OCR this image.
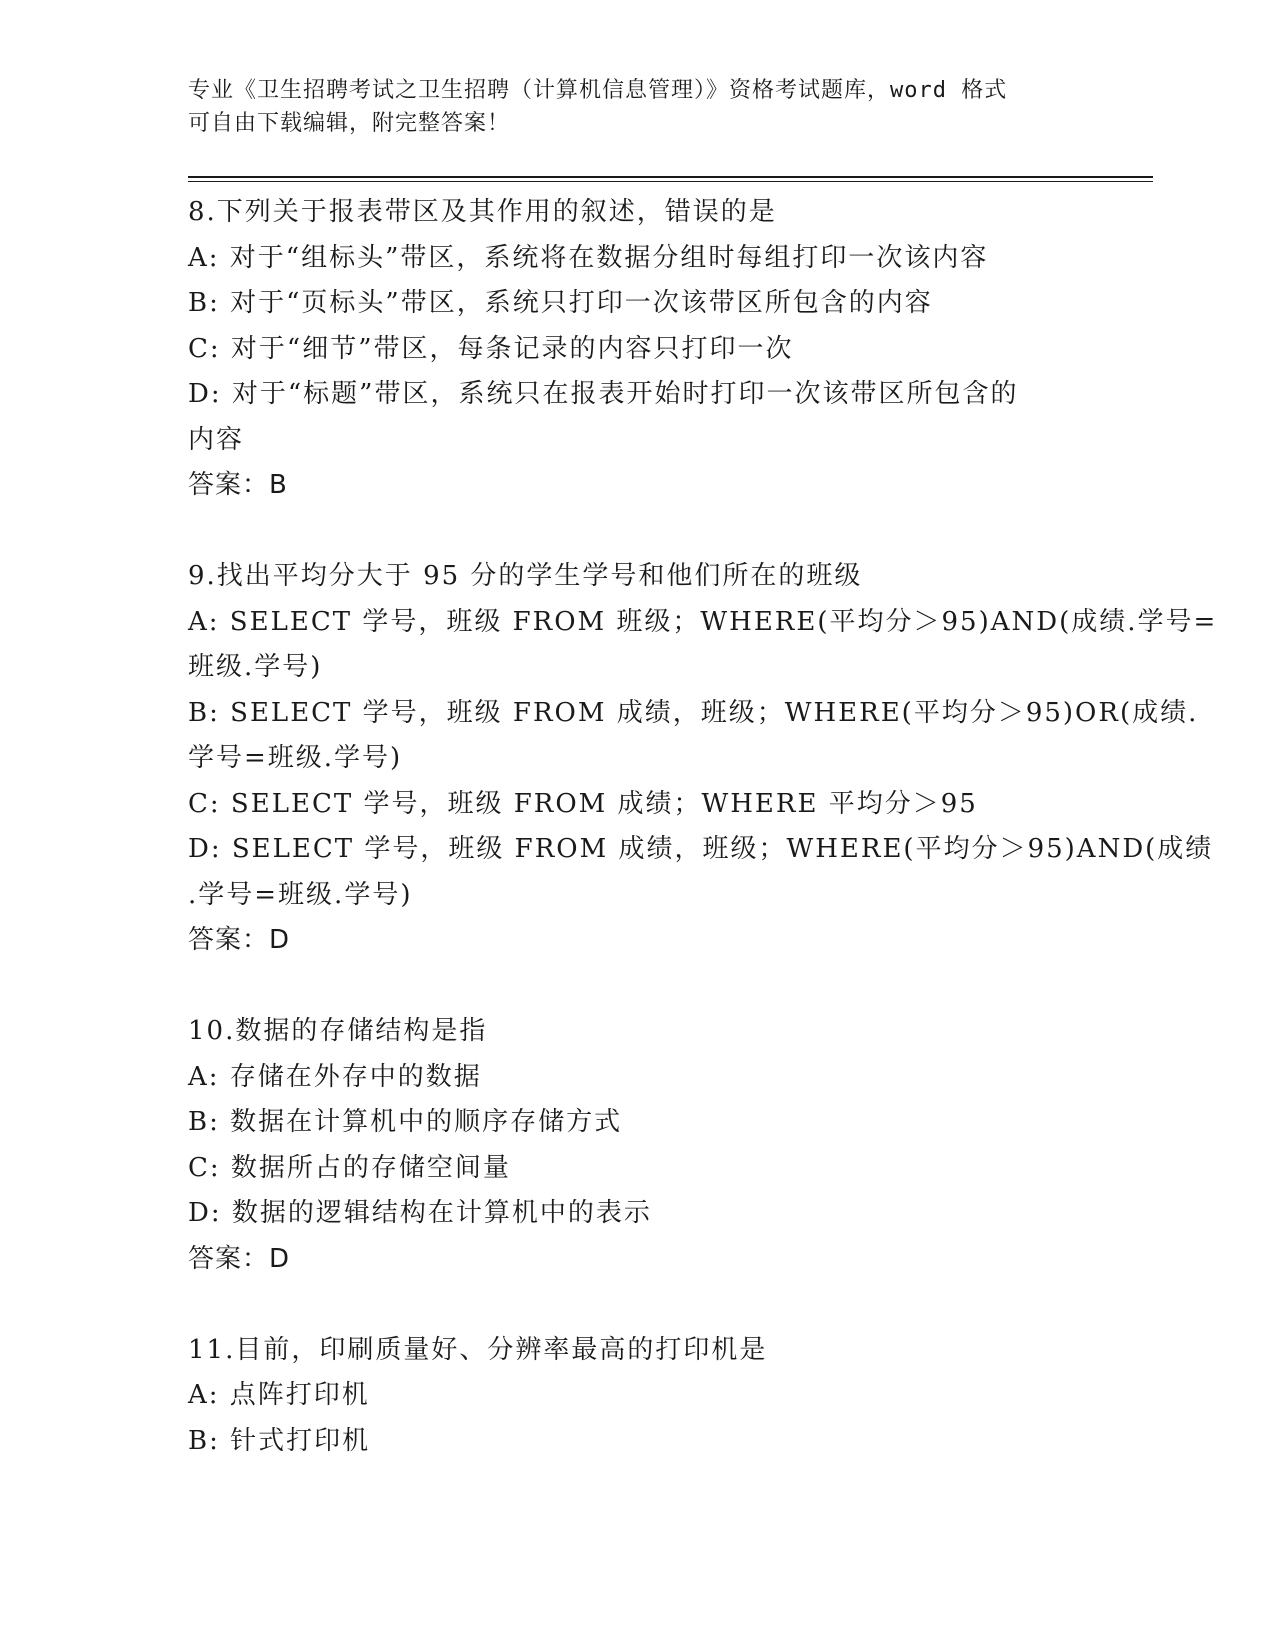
专业《卫生招聘考试之卫生招聘（计算机信息管理）》资格考试题库，word 格式
可自由下载编辑，附完整答案！
8.下列关于报表带区及其作用的叙述，错误的是
A: 对于“组标头”带区，系统将在数据分组时每组打印一次该内容
B: 对于“页标头”带区，系统只打印一次该带区所包含的内容
C: 对于“细节”带区，每条记录的内容只打印一次
D: 对于“标题”带区，系统只在报表开始时打印一次该带区所包含的
内容
答案：B
9.找出平均分大于 95 分的学生学号和他们所在的班级
A: SELECT 学号，班级 FROM 班级；WHERE(平均分＞95)AND(成绩.学号=
班级.学号)
B: SELECT 学号，班级 FROM 成绩，班级；WHERE(平均分＞95)OR(成绩.
学号=班级.学号)
C: SELECT 学号，班级 FROM 成绩；WHERE 平均分＞95
D: SELECT 学号，班级 FROM 成绩，班级；WHERE(平均分＞95)AND(成绩
.学号=班级.学号)
答案：D
10.数据的存储结构是指
A: 存储在外存中的数据
B: 数据在计算机中的顺序存储方式
C: 数据所占的存储空间量
D: 数据的逻辑结构在计算机中的表示
答案：D
11.目前，印刷质量好、分辨率最高的打印机是
A: 点阵打印机
B: 针式打印机
